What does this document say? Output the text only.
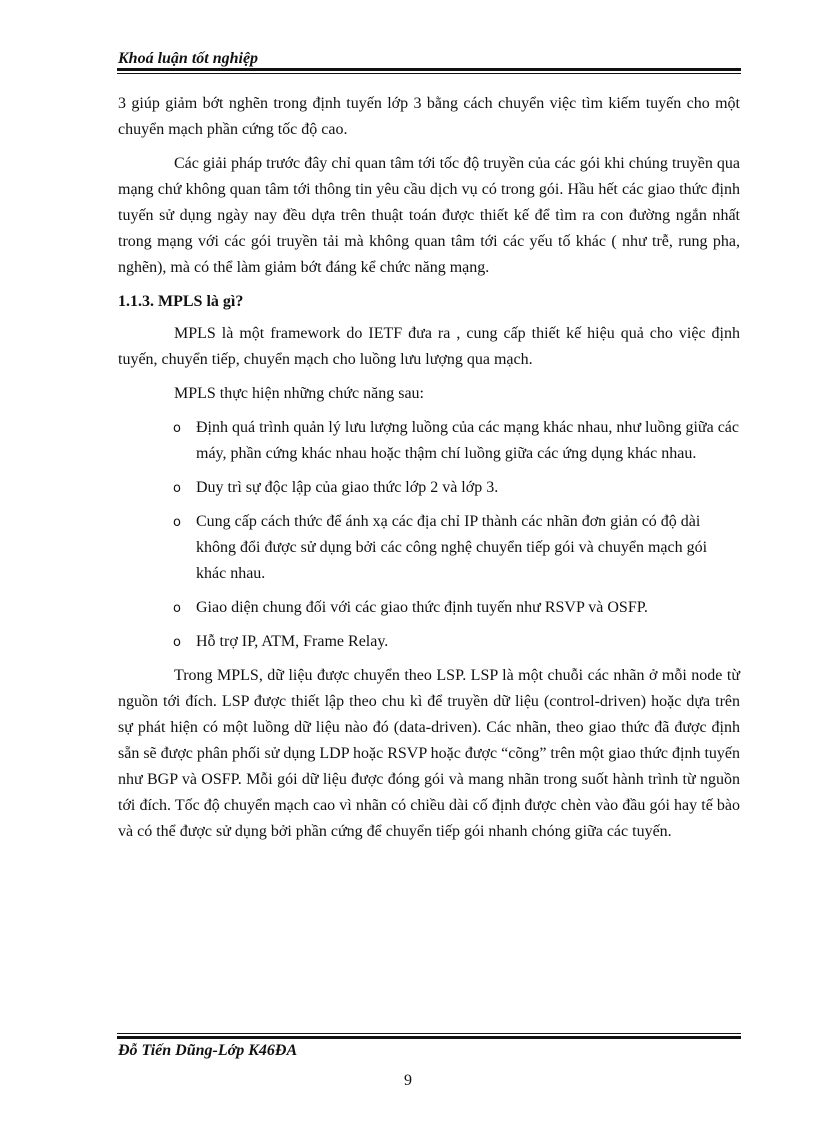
Khoá luận tốt nghiệp

3 giúp giảm bớt nghẽn trong định tuyến lớp 3 bằng cách chuyển việc tìm kiếm tuyến cho một chuyển mạch phần cứng tốc độ cao.

Các giải pháp trước đây chỉ quan tâm tới tốc độ truyền của các gói khi chúng truyền qua mạng chứ không quan tâm tới thông tin yêu cầu dịch vụ có trong gói. Hầu hết các giao thức định tuyến sử dụng ngày nay đều dựa trên thuật toán được thiết kế để tìm ra con đường ngắn nhất trong mạng với các gói truyền tải mà không quan tâm tới các yếu tố khác ( như trễ, rung pha, nghẽn), mà có thể làm giảm bớt đáng kể chức năng mạng.

1.1.3. MPLS là gì?

MPLS là một framework do IETF đưa ra , cung cấp thiết kế hiệu quả cho việc định tuyến, chuyển tiếp, chuyển mạch cho luồng lưu lượng qua mạch.

MPLS thực hiện những chức năng sau:

o Định quá trình quản lý lưu lượng luồng của các mạng khác nhau, như luồng giữa các máy, phần cứng khác nhau hoặc thậm chí luồng giữa các ứng dụng khác nhau.
o Duy trì sự độc lập của giao thức lớp 2 và lớp 3.
o Cung cấp cách thức để ánh xạ các địa chỉ IP thành các nhãn đơn giản có độ dài không đổi được sử dụng bởi các công nghệ chuyển tiếp gói và chuyển mạch gói khác nhau.
o Giao diện chung đối với các giao thức định tuyến như RSVP và OSFP.
o Hỗ trợ IP, ATM, Frame Relay.

Trong MPLS, dữ liệu được chuyển theo LSP. LSP là một chuỗi các nhãn ở mỗi node từ nguồn tới đích. LSP được thiết lập theo chu kì để truyền dữ liệu (control-driven) hoặc dựa trên sự phát hiện có một luồng dữ liệu nào đó (data-driven). Các nhãn, theo giao thức đã được định sẵn sẽ được phân phối sử dụng LDP hoặc RSVP hoặc được “cõng” trên một giao thức định tuyến như BGP và OSFP. Mỗi gói dữ liệu được đóng gói và mang nhãn trong suốt hành trình từ nguồn tới đích. Tốc độ chuyển mạch cao vì nhãn có chiều dài cố định được chèn vào đầu gói hay tế bào và có thể được sử dụng bởi phần cứng để chuyển tiếp gói nhanh chóng giữa các tuyến.

Đỗ Tiến Dũng-Lớp K46ĐA
9
